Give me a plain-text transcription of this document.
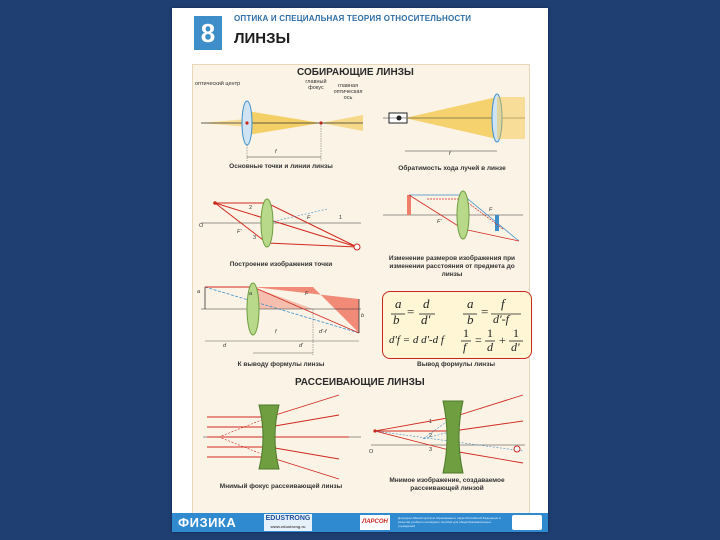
8	ОПТИКА И СПЕЦИАЛЬНАЯ ТЕОРИЯ ОТНОСИТЕЛЬНОСТИ
ЛИНЗЫ
СОБИРАЮЩИЕ ЛИНЗЫ
оптический центр	главный фокус	главная оптическая ось
f
Основные точки и линии линзы
f
Обратимость хода лучей в линзе
O
F'
F	1
2
3
Построение изображения точки
F'
F
Изменение размеров изображения при изменении расстояния от предмета до линзы
a	a
b
F
f	d'-f
d	d'
К выводу формулы линзы
a
b
=
d
d'
a
b
=
f
d'-f
d'f = d d'-d f 1
f = 1
d + 1
d'
Вывод формулы линзы
РАССЕИВАЮЩИЕ ЛИНЗЫ
Мнимый фокус рассеивающей линзы
O
1
2
3
Мнимое изображение, создаваемое рассеивающей линзой
ФИЗИКА	EDUSTRONG
www.edustrong.ru
ЛАРСОН
Допущено Министерством образования и науки Российской Федерации в качестве учебного наглядного пособия для общеобразовательных учреждений
